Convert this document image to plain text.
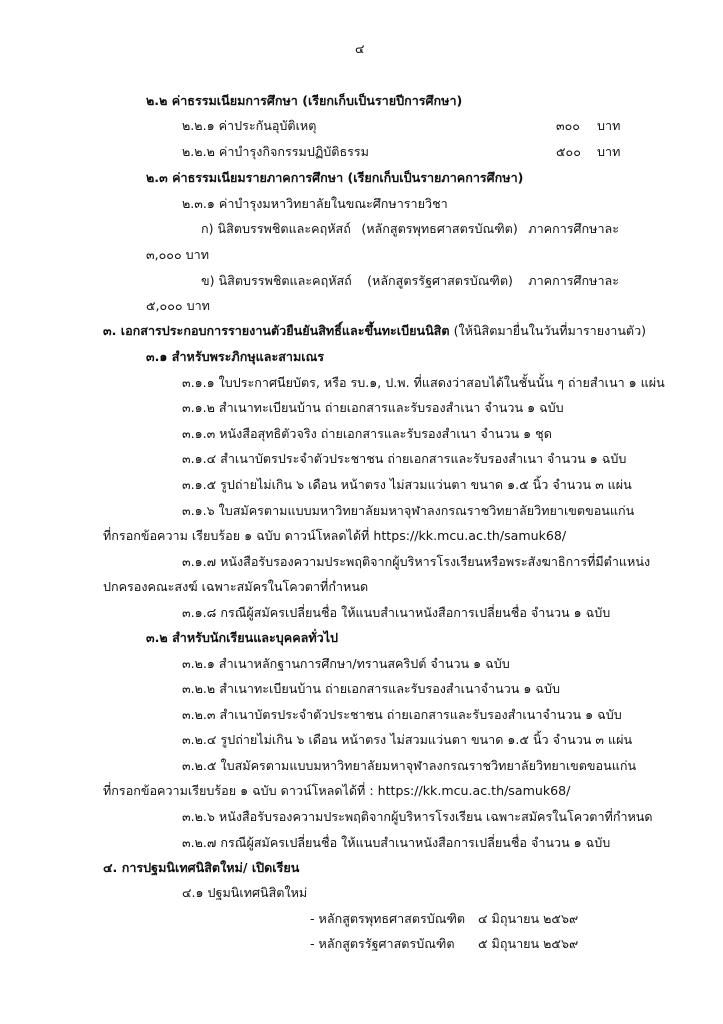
๔
๒.๒ ค่าธรรมเนียมการศึกษา (เรียกเก็บเป็นรายปีการศึกษา)
๒.๒.๑ ค่าประกันอุบัติเหตุ	๓๐๐ บาท
๒.๒.๒ ค่าบำรุงกิจกรรมปฏิบัติธรรม	๕๐๐ บาท
๒.๓ ค่าธรรมเนียมรายภาคการศึกษา (เรียกเก็บเป็นรายภาคการศึกษา)
๒.๓.๑ ค่าบำรุงมหาวิทยาลัยในขณะศึกษารายวิชา
ก) นิสิตบรรพชิตและคฤหัสถ์ (หลักสูตรพุทธศาสตรบัณฑิต) ภาคการศึกษาละ
๓,๐๐๐ บาท
ข) นิสิตบรรพชิตและคฤหัสถ์ (หลักสูตรรัฐศาสตรบัณฑิต) ภาคการศึกษาละ
๕,๐๐๐ บาท
๓. เอกสารประกอบการรายงานตัวยืนยันสิทธิ์และขึ้นทะเบียนนิสิต (ให้นิสิตมายื่นในวันที่มารายงานตัว)
๓.๑ สำหรับพระภิกษุและสามเณร
๓.๑.๑ ใบประกาศนียบัตร, หรือ รบ.๑, ป.พ. ที่แสดงว่าสอบได้ในชั้นนั้น ๆ ถ่ายสำเนา ๑ แผ่น
๓.๑.๒ สำเนาทะเบียนบ้าน ถ่ายเอกสารและรับรองสำเนา จำนวน ๑ ฉบับ
๓.๑.๓ หนังสือสุทธิตัวจริง ถ่ายเอกสารและรับรองสำเนา จำนวน ๑ ชุด
๓.๑.๔ สำเนาบัตรประจำตัวประชาชน ถ่ายเอกสารและรับรองสำเนา จำนวน ๑ ฉบับ
๓.๑.๕ รูปถ่ายไม่เกิน ๖ เดือน หน้าตรง ไม่สวมแว่นตา ขนาด ๑.๕ นิ้ว จำนวน ๓ แผ่น
๓.๑.๖ ใบสมัครตามแบบมหาวิทยาลัยมหาจุฬาลงกรณราชวิทยาลัย วิทยาเขตขอนแก่น
ที่กรอกข้อความ เรียบร้อย ๑ ฉบับ ดาวน์โหลดได้ที่ https://kk.mcu.ac.th/samuk68/
๓.๑.๗ หนังสือรับรองความประพฤติจากผู้บริหารโรงเรียน หรือพระสังฆาธิการที่มีตำแหน่ง
ปกครองคณะสงฆ์ เฉพาะสมัครในโควตาที่กำหนด
๓.๑.๘ กรณีผู้สมัครเปลี่ยนชื่อ ให้แนบสำเนาหนังสือการเปลี่ยนชื่อ จำนวน ๑ ฉบับ
๓.๒ สำหรับนักเรียนและบุคคลทั่วไป
๓.๒.๑ สำเนาหลักฐานการศึกษา/ทรานสคริปต์ จำนวน ๑ ฉบับ
๓.๒.๒ สำเนาทะเบียนบ้าน ถ่ายเอกสารและรับรองสำเนาจำนวน ๑ ฉบับ
๓.๒.๓ สำเนาบัตรประจำตัวประชาชน ถ่ายเอกสารและรับรองสำเนาจำนวน ๑ ฉบับ
๓.๒.๔ รูปถ่ายไม่เกิน ๖ เดือน หน้าตรง ไม่สวมแว่นตา ขนาด ๑.๕ นิ้ว จำนวน ๓ แผ่น
๓.๒.๕ ใบสมัครตามแบบมหาวิทยาลัยมหาจุฬาลงกรณราชวิทยาลัย วิทยาเขตขอนแก่น
ที่กรอกข้อความเรียบร้อย ๑ ฉบับ ดาวน์โหลดได้ที่ : https://kk.mcu.ac.th/samuk68/
๓.๒.๖ หนังสือรับรองความประพฤติจากผู้บริหารโรงเรียน เฉพาะสมัครในโควตาที่กำหนด
๓.๒.๗ กรณีผู้สมัครเปลี่ยนชื่อ ให้แนบสำเนาหนังสือการเปลี่ยนชื่อ จำนวน ๑ ฉบับ
๔. การปฐมนิเทศนิสิตใหม่/ เปิดเรียน
๔.๑ ปฐมนิเทศนิสิตใหม่
- หลักสูตรพุทธศาสตรบัณฑิต ๔ มิถุนายน ๒๕๖๙
- หลักสูตรรัฐศาสตรบัณฑิต ๕ มิถุนายน ๒๕๖๙
